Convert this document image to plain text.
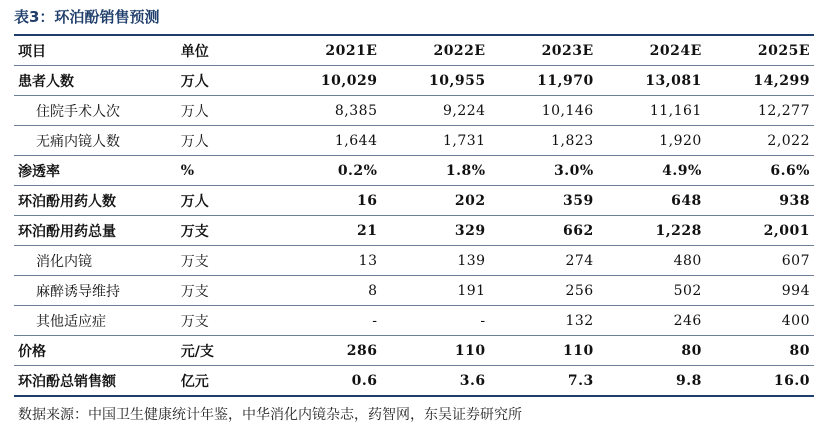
表3：环泊酚销售预测
项目	单位	2021E	2022E	2023E	2024E	2025E
患者人数	万人	10,029	10,955	11,970	13,081	14,299
住院手术人次	万人	8,385	9,224	10,146	11,161	12,277
无痛内镜人数	万人	1,644	1,731	1,823	1,920	2,022
渗透率	%	0.2%	1.8%	3.0%	4.9%	6.6%
环泊酚用药人数	万人	16	202	359	648	938
环泊酚用药总量	万支	21	329	662	1,228	2,001
消化内镜	万支	13	139	274	480	607
麻醉诱导维持	万支	8	191	256	502	994
其他适应症	万支	-	-	132	246	400
价格	元/支	286	110	110	80	80
环泊酚总销售额	亿元	0.6	3.6	7.3	9.8	16.0
数据来源：中国卫生健康统计年鉴，中华消化内镜杂志，药智网，东吴证券研究所
